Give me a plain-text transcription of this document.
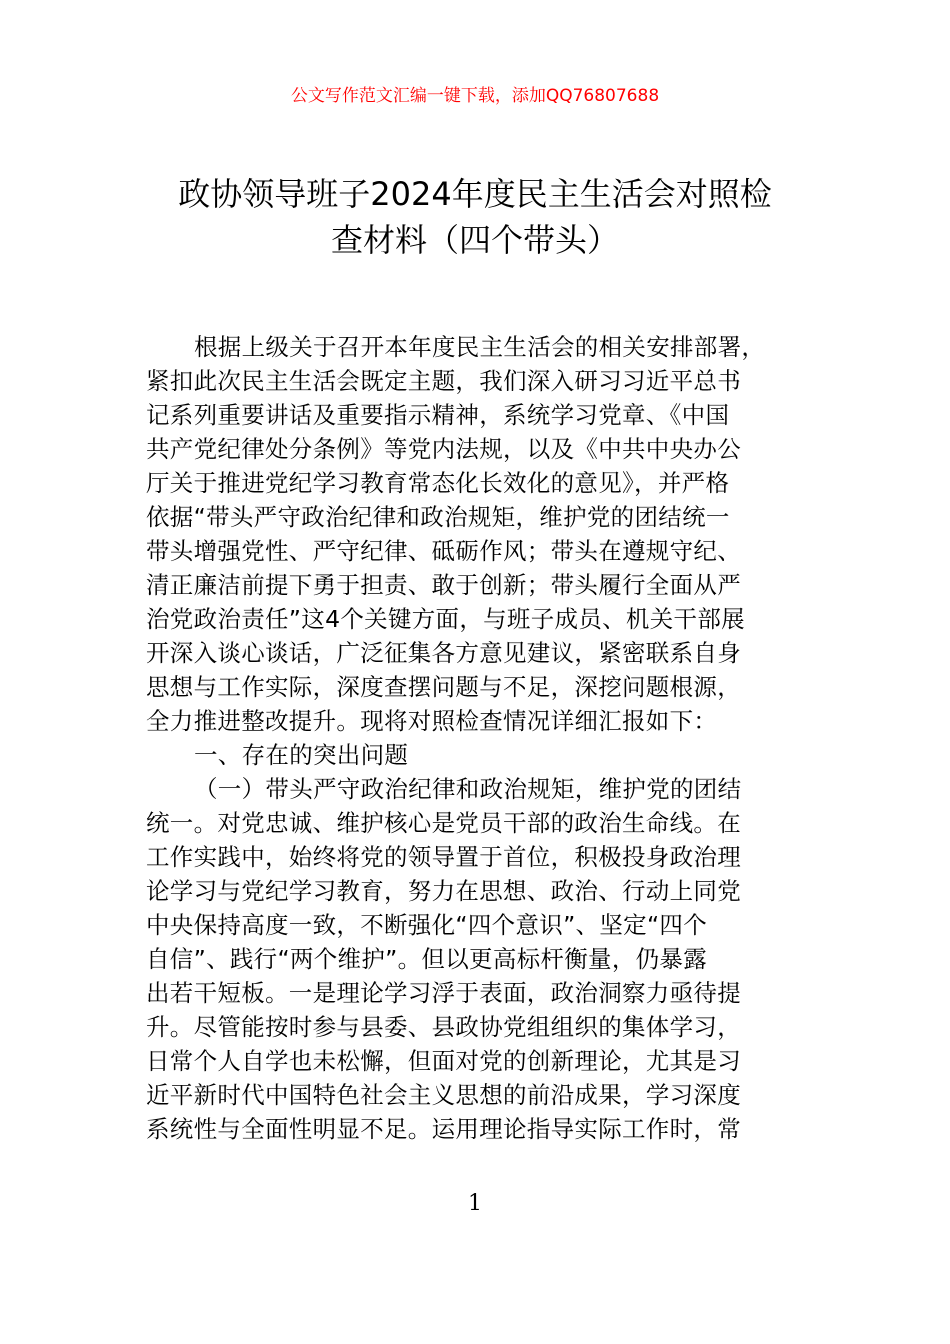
公文写作范文汇编一键下载，添加QQ76807688
政协领导班子2024年度民主生活会对照检
查材料（四个带头）
根据上级关于召开本年度民主生活会的相关安排部署，
紧扣此次民主生活会既定主题，我们深入研习习近平总书
记系列重要讲话及重要指示精神，系统学习党章、《中国
共产党纪律处分条例》等党内法规，以及《中共中央办公
厅关于推进党纪学习教育常态化长效化的意见》，并严格
依据“带头严守政治纪律和政治规矩，维护党的团结统一
带头增强党性、严守纪律、砥砺作风；带头在遵规守纪、
清正廉洁前提下勇于担责、敢于创新；带头履行全面从严
治党政治责任”这4个关键方面，与班子成员、机关干部展
开深入谈心谈话，广泛征集各方意见建议，紧密联系自身
思想与工作实际，深度查摆问题与不足，深挖问题根源，
全力推进整改提升。现将对照检查情况详细汇报如下：
一、存在的突出问题
（一）带头严守政治纪律和政治规矩，维护党的团结
统一。对党忠诚、维护核心是党员干部的政治生命线。在
工作实践中，始终将党的领导置于首位，积极投身政治理
论学习与党纪学习教育，努力在思想、政治、行动上同党
中央保持高度一致，不断强化“四个意识”、坚定“四个
自信”、践行“两个维护”。但以更高标杆衡量，仍暴露
出若干短板。一是理论学习浮于表面，政治洞察力亟待提
升。尽管能按时参与县委、县政协党组组织的集体学习，
日常个人自学也未松懈，但面对党的创新理论，尤其是习
近平新时代中国特色社会主义思想的前沿成果，学习深度
系统性与全面性明显不足。运用理论指导实际工作时，常
1
